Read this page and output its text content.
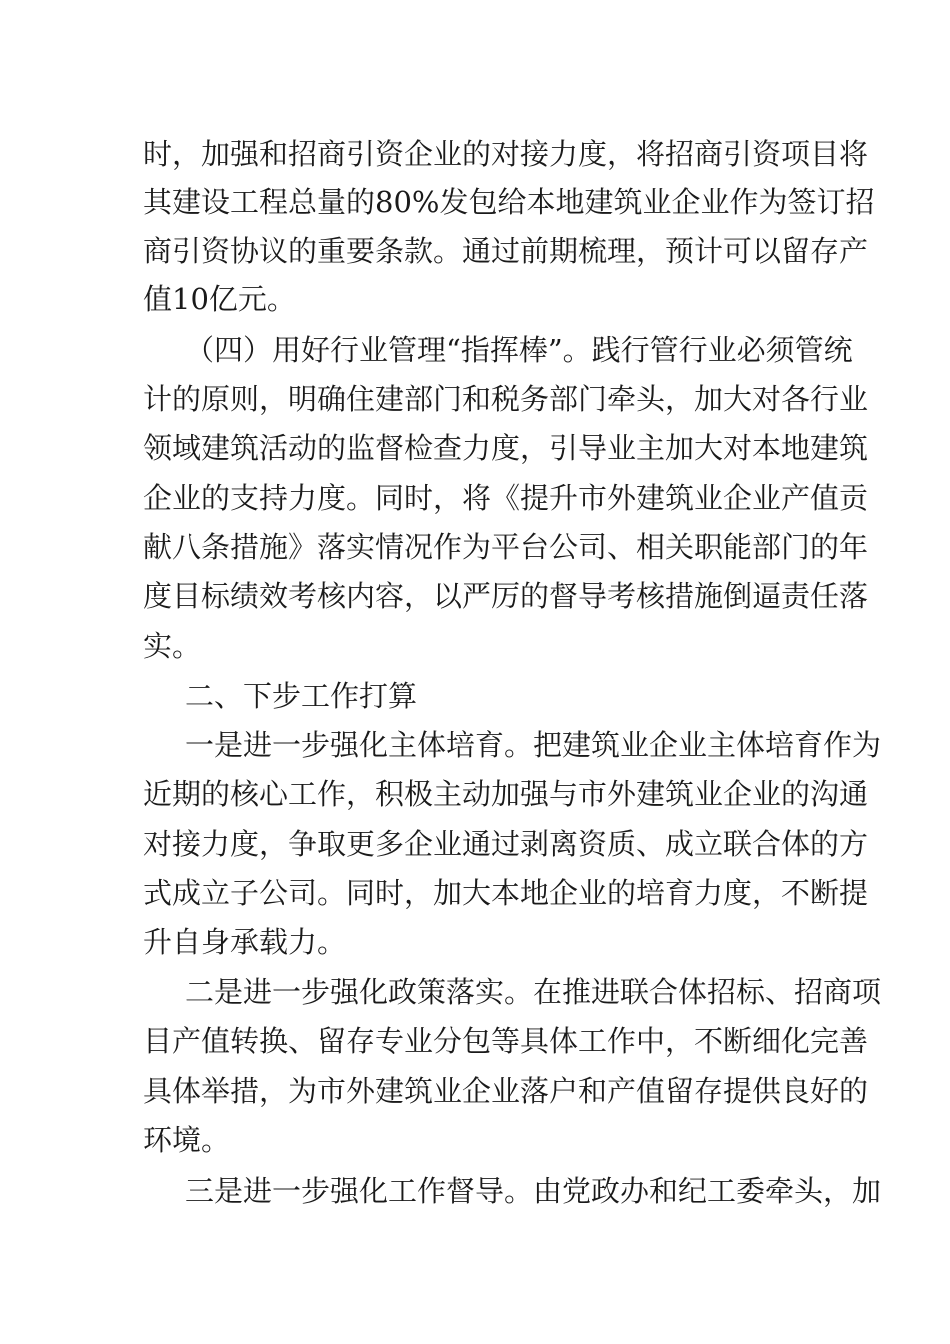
时，加强和招商引资企业的对接力度，将招商引资项目将
其建设工程总量的80%发包给本地建筑业企业作为签订招
商引资协议的重要条款。通过前期梳理，预计可以留存产
值10亿元。
（四）用好行业管理“指挥棒”。践行管行业必须管统
计的原则，明确住建部门和税务部门牵头，加大对各行业
领域建筑活动的监督检查力度，引导业主加大对本地建筑
企业的支持力度。同时，将《提升市外建筑业企业产值贡
献八条措施》落实情况作为平台公司、相关职能部门的年
度目标绩效考核内容，以严厉的督导考核措施倒逼责任落
实。
二、下步工作打算
一是进一步强化主体培育。把建筑业企业主体培育作为
近期的核心工作，积极主动加强与市外建筑业企业的沟通
对接力度，争取更多企业通过剥离资质、成立联合体的方
式成立子公司。同时，加大本地企业的培育力度，不断提
升自身承载力。
二是进一步强化政策落实。在推进联合体招标、招商项
目产值转换、留存专业分包等具体工作中，不断细化完善
具体举措，为市外建筑业企业落户和产值留存提供良好的
环境。
三是进一步强化工作督导。由党政办和纪工委牵头，加
